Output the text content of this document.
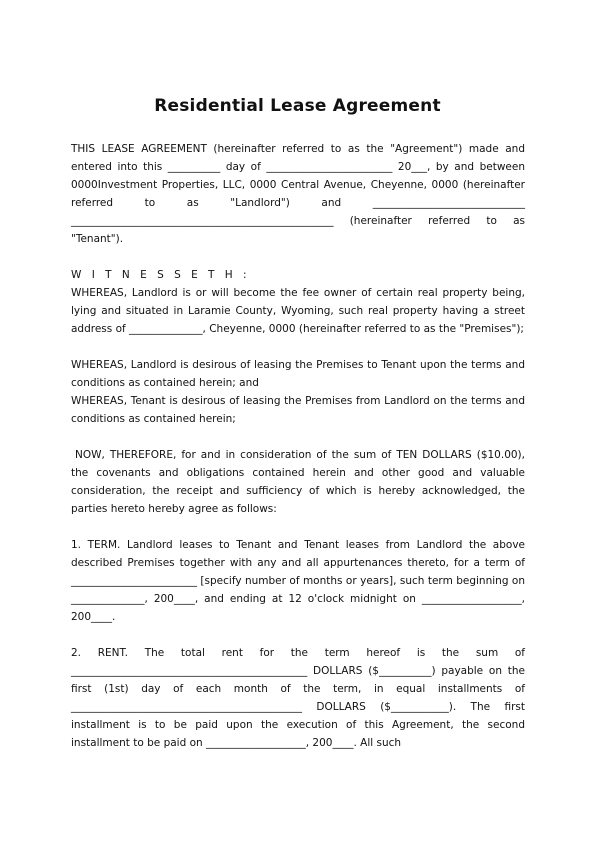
Residential Lease Agreement

THIS LEASE AGREEMENT (hereinafter referred to as the "Agreement") made and entered into this __________ day of ________________________ 20___, by and between 0000Investment Properties, LLC, 0000 Central Avenue, Cheyenne, 0000 (hereinafter referred to as "Landlord") and _____________________________ __________________________________________________ (hereinafter referred to as "Tenant").

W I T N E S S E T H :

WHEREAS, Landlord is or will become the fee owner of certain real property being, lying and situated in Laramie County, Wyoming, such real property having a street address of ______________, Cheyenne, 0000 (hereinafter referred to as the "Premises");

WHEREAS, Landlord is desirous of leasing the Premises to Tenant upon the terms and conditions as contained herein; and

WHEREAS, Tenant is desirous of leasing the Premises from Landlord on the terms and conditions as contained herein;

NOW, THEREFORE, for and in consideration of the sum of TEN DOLLARS ($10.00), the covenants and obligations contained herein and other good and valuable consideration, the receipt and sufficiency of which is hereby acknowledged, the parties hereto hereby agree as follows:

1. TERM. Landlord leases to Tenant and Tenant leases from Landlord the above described Premises together with any and all appurtenances thereto, for a term of ________________________ [specify number of months or years], such term beginning on ______________, 200____, and ending at 12 o'clock midnight on ___________________, 200____.

2. RENT. The total rent for the term hereof is the sum of _____________________________________________ DOLLARS ($__________) payable on the first (1st) day of each month of the term, in equal installments of ____________________________________________ DOLLARS ($___________). The first installment is to be paid upon the execution of this Agreement, the second installment to be paid on ___________________, 200____. All such
